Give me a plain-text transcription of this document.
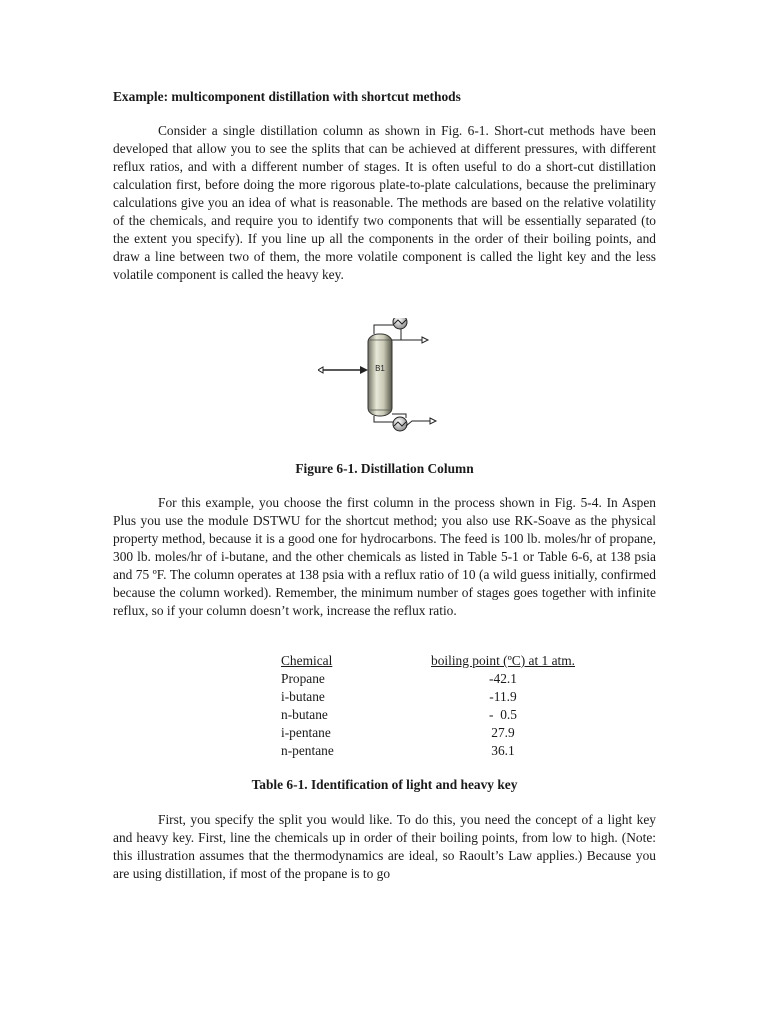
Example: multicomponent distillation with shortcut methods

Consider a single distillation column as shown in Fig. 6-1. Short-cut methods have been developed that allow you to see the splits that can be achieved at different pressures, with different reflux ratios, and with a different number of stages. It is often useful to do a short-cut distillation calculation first, before doing the more rigorous plate-to-plate calculations, because the preliminary calculations give you an idea of what is reasonable. The methods are based on the relative volatility of the chemicals, and require you to identify two components that will be essentially separated (to the extent you specify). If you line up all the components in the order of their boiling points, and draw a line between two of them, the more volatile component is called the light key and the less volatile component is called the heavy key.

B1

Figure 6-1. Distillation Column

For this example, you choose the first column in the process shown in Fig. 5-4. In Aspen Plus you use the module DSTWU for the shortcut method; you also use RK-Soave as the physical property method, because it is a good one for hydrocarbons. The feed is 100 lb. moles/hr of propane, 300 lb. moles/hr of i-butane, and the other chemicals as listed in Table 5-1 or Table 6-6, at 138 psia and 75 ºF. The column operates at 138 psia with a reflux ratio of 10 (a wild guess initially, confirmed because the column worked). Remember, the minimum number of stages goes together with infinite reflux, so if your column doesn’t work, increase the reflux ratio.

Chemical	boiling point (ºC) at 1 atm.
Propane	-42.1
i-butane	-11.9
n-butane	-  0.5
i-pentane	27.9
n-pentane	36.1

Table 6-1. Identification of light and heavy key

First, you specify the split you would like. To do this, you need the concept of a light key and heavy key. First, line the chemicals up in order of their boiling points, from low to high. (Note: this illustration assumes that the thermodynamics are ideal, so Raoult’s Law applies.) Because you are using distillation, if most of the propane is to go
